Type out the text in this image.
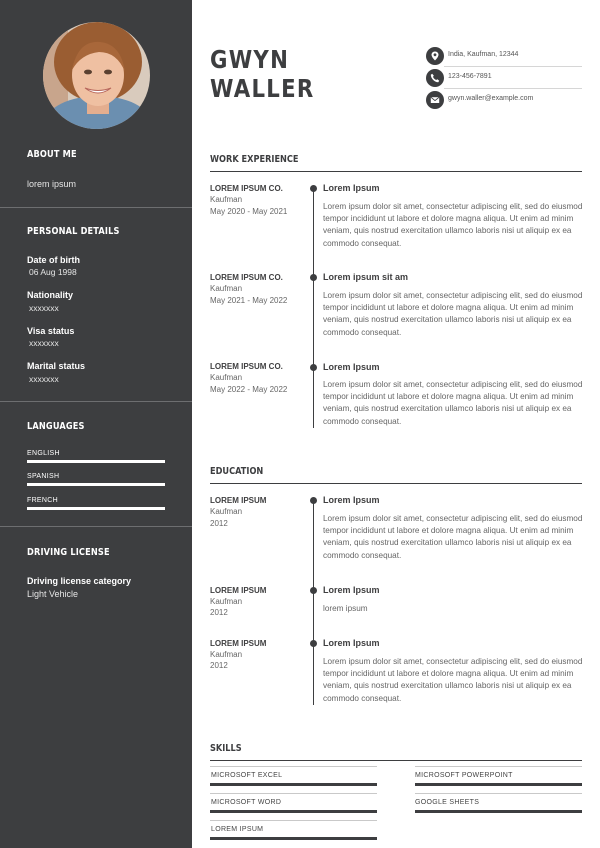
ABOUT ME
lorem ipsum
PERSONAL DETAILS
Date of birth
06 Aug 1998
Nationality
xxxxxxx
Visa status
xxxxxxx
Marital status
xxxxxxx
LANGUAGES
ENGLISH
SPANISH
FRENCH
DRIVING LICENSE
Driving license category
Light Vehicle
GWYN
WALLER
India, Kaufman, 12344
123-456-7891
gwyn.waller@example.com
WORK EXPERIENCE
LOREM IPSUM CO.
Kaufman
May 2020 - May 2021
Lorem Ipsum
Lorem ipsum dolor sit amet, consectetur adipiscing elit, sed do eiusmod tempor incididunt ut labore et dolore magna aliqua. Ut enim ad minim veniam, quis nostrud exercitation ullamco laboris nisi ut aliquip ex ea commodo consequat.
LOREM IPSUM CO.
Kaufman
May 2021 - May 2022
Lorem ipsum sit am
Lorem ipsum dolor sit amet, consectetur adipiscing elit, sed do eiusmod tempor incididunt ut labore et dolore magna aliqua. Ut enim ad minim veniam, quis nostrud exercitation ullamco laboris nisi ut aliquip ex ea commodo consequat.
LOREM IPSUM CO.
Kaufman
May 2022 - May 2022
Lorem Ipsum
Lorem ipsum dolor sit amet, consectetur adipiscing elit, sed do eiusmod tempor incididunt ut labore et dolore magna aliqua. Ut enim ad minim veniam, quis nostrud exercitation ullamco laboris nisi ut aliquip ex ea commodo consequat.
EDUCATION
LOREM IPSUM
Kaufman
2012
Lorem Ipsum
Lorem ipsum dolor sit amet, consectetur adipiscing elit, sed do eiusmod tempor incididunt ut labore et dolore magna aliqua. Ut enim ad minim veniam, quis nostrud exercitation ullamco laboris nisi ut aliquip ex ea commodo consequat.
LOREM IPSUM
Kaufman
2012
Lorem Ipsum
lorem ipsum
LOREM IPSUM
Kaufman
2012
Lorem Ipsum
Lorem ipsum dolor sit amet, consectetur adipiscing elit, sed do eiusmod tempor incididunt ut labore et dolore magna aliqua. Ut enim ad minim veniam, quis nostrud exercitation ullamco laboris nisi ut aliquip ex ea commodo consequat.
SKILLS
MICROSOFT EXCEL	MICROSOFT POWERPOINT
MICROSOFT WORD	GOOGLE SHEETS
LOREM IPSUM
